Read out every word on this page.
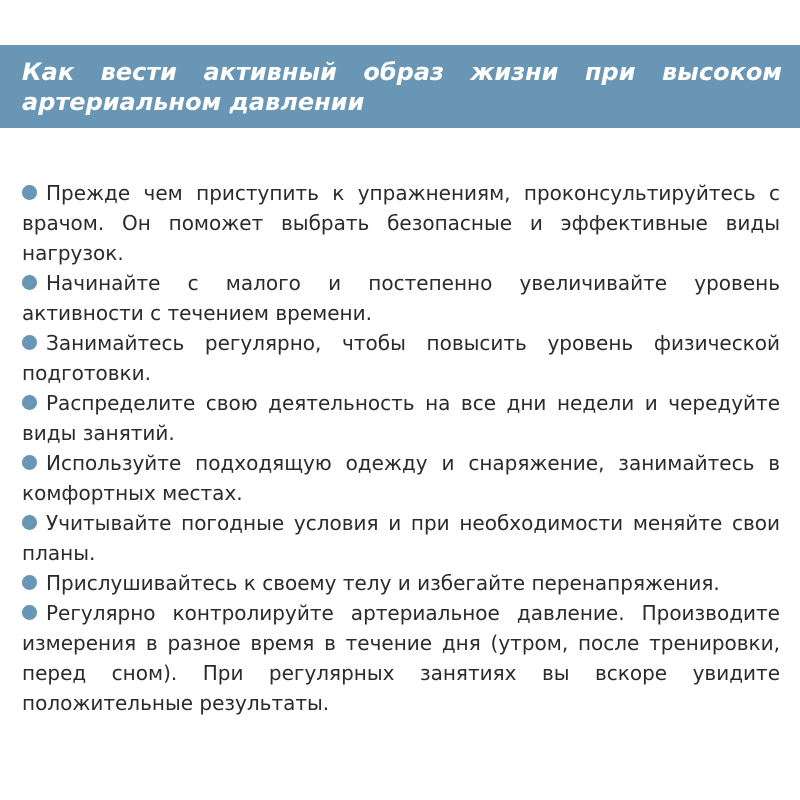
Как вести активный образ жизни при высоком артериальном давлении
Прежде чем приступить к упражнениям, проконсультируйтесь с врачом. Он поможет выбрать безопасные и эффективные виды нагрузок.
Начинайте с малого и постепенно увеличивайте уровень активности с течением времени.
Занимайтесь регулярно, чтобы повысить уровень физической подготовки.
Распределите свою деятельность на все дни недели и чередуйте виды занятий.
Используйте подходящую одежду и снаряжение, занимайтесь в комфортных местах.
Учитывайте погодные условия и при необходимости меняйте свои планы.
Прислушивайтесь к своему телу и избегайте перенапряжения.
Регулярно контролируйте артериальное давление. Производите измерения в разное время в течение дня (утром, после тренировки, перед сном). При регулярных занятиях вы вскоре увидите положительные результаты.
